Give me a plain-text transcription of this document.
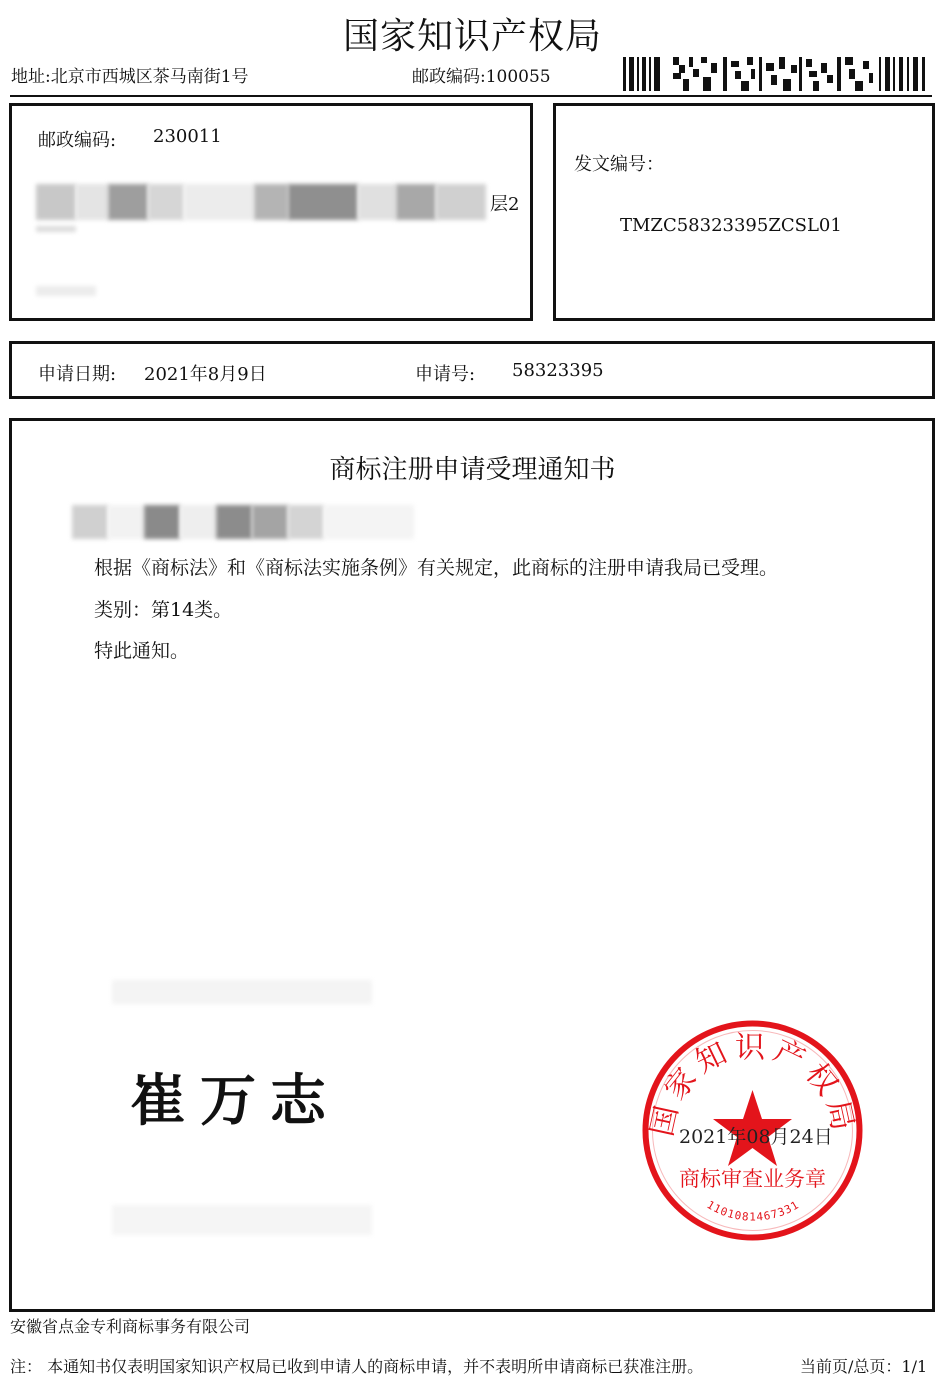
国家知识产权局
地址:北京市西城区茶马南街1号	邮政编码:100055
邮政编码: 230011
层2
发文编号：
TMZC58323395ZCSL01
申请日期: 2021年8月9日	申请号: 58323395
商标注册申请受理通知书
根据《商标法》和《商标法实施条例》有关规定，此商标的注册申请我局已受理。
类别：第14类。
特此通知。
崔万志	国家知识产权局
商标审查业务章
1101081467331
2021年08月24日
安徽省点金专利商标事务有限公司
注： 本通知书仅表明国家知识产权局已收到申请人的商标申请，并不表明所申请商标已获准注册。	当前页/总页：1/1
